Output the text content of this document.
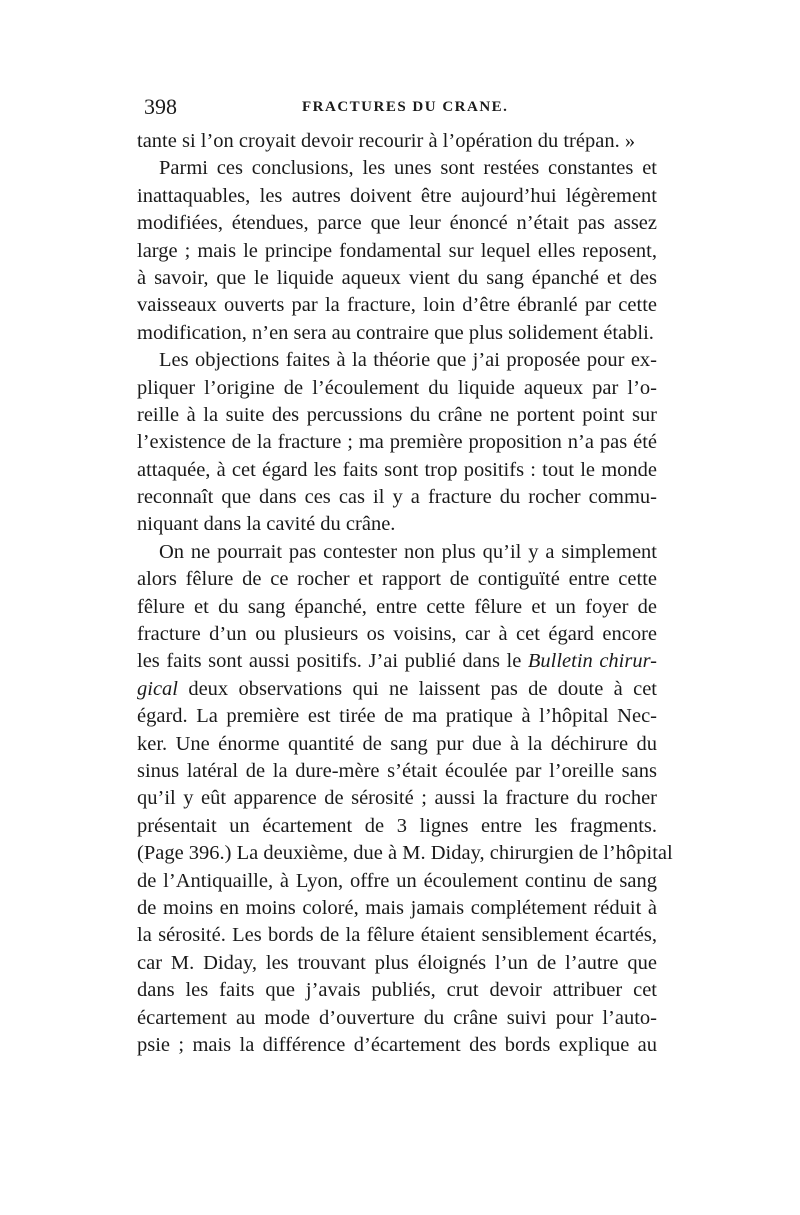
398	FRACTURES DU CRANE.
tante si l’on croyait devoir recourir à l’opération du trépan. »
Parmi ces conclusions, les unes sont restées constantes et
inattaquables, les autres doivent être aujourd’hui légèrement
modifiées, étendues, parce que leur énoncé n’était pas assez
large ; mais le principe fondamental sur lequel elles reposent,
à savoir, que le liquide aqueux vient du sang épanché et des
vaisseaux ouverts par la fracture, loin d’être ébranlé par cette
modification, n’en sera au contraire que plus solidement établi.
Les objections faites à la théorie que j’ai proposée pour ex-
pliquer l’origine de l’écoulement du liquide aqueux par l’o-
reille à la suite des percussions du crâne ne portent point sur
l’existence de la fracture ; ma première proposition n’a pas été
attaquée, à cet égard les faits sont trop positifs : tout le monde
reconnaît que dans ces cas il y a fracture du rocher commu-
niquant dans la cavité du crâne.
On ne pourrait pas contester non plus qu’il y a simplement
alors fêlure de ce rocher et rapport de contiguïté entre cette
fêlure et du sang épanché, entre cette fêlure et un foyer de
fracture d’un ou plusieurs os voisins, car à cet égard encore
les faits sont aussi positifs. J’ai publié dans le Bulletin chirur-
gical deux observations qui ne laissent pas de doute à cet
égard. La première est tirée de ma pratique à l’hôpital Nec-
ker. Une énorme quantité de sang pur due à la déchirure du
sinus latéral de la dure-mère s’était écoulée par l’oreille sans
qu’il y eût apparence de sérosité ; aussi la fracture du rocher
présentait un écartement de 3 lignes entre les fragments.
(Page 396.) La deuxième, due à M. Diday, chirurgien de l’hôpital
de l’Antiquaille, à Lyon, offre un écoulement continu de sang
de moins en moins coloré, mais jamais complétement réduit à
la sérosité. Les bords de la fêlure étaient sensiblement écartés,
car M. Diday, les trouvant plus éloignés l’un de l’autre que
dans les faits que j’avais publiés, crut devoir attribuer cet
écartement au mode d’ouverture du crâne suivi pour l’auto-
psie ; mais la différence d’écartement des bords explique au
